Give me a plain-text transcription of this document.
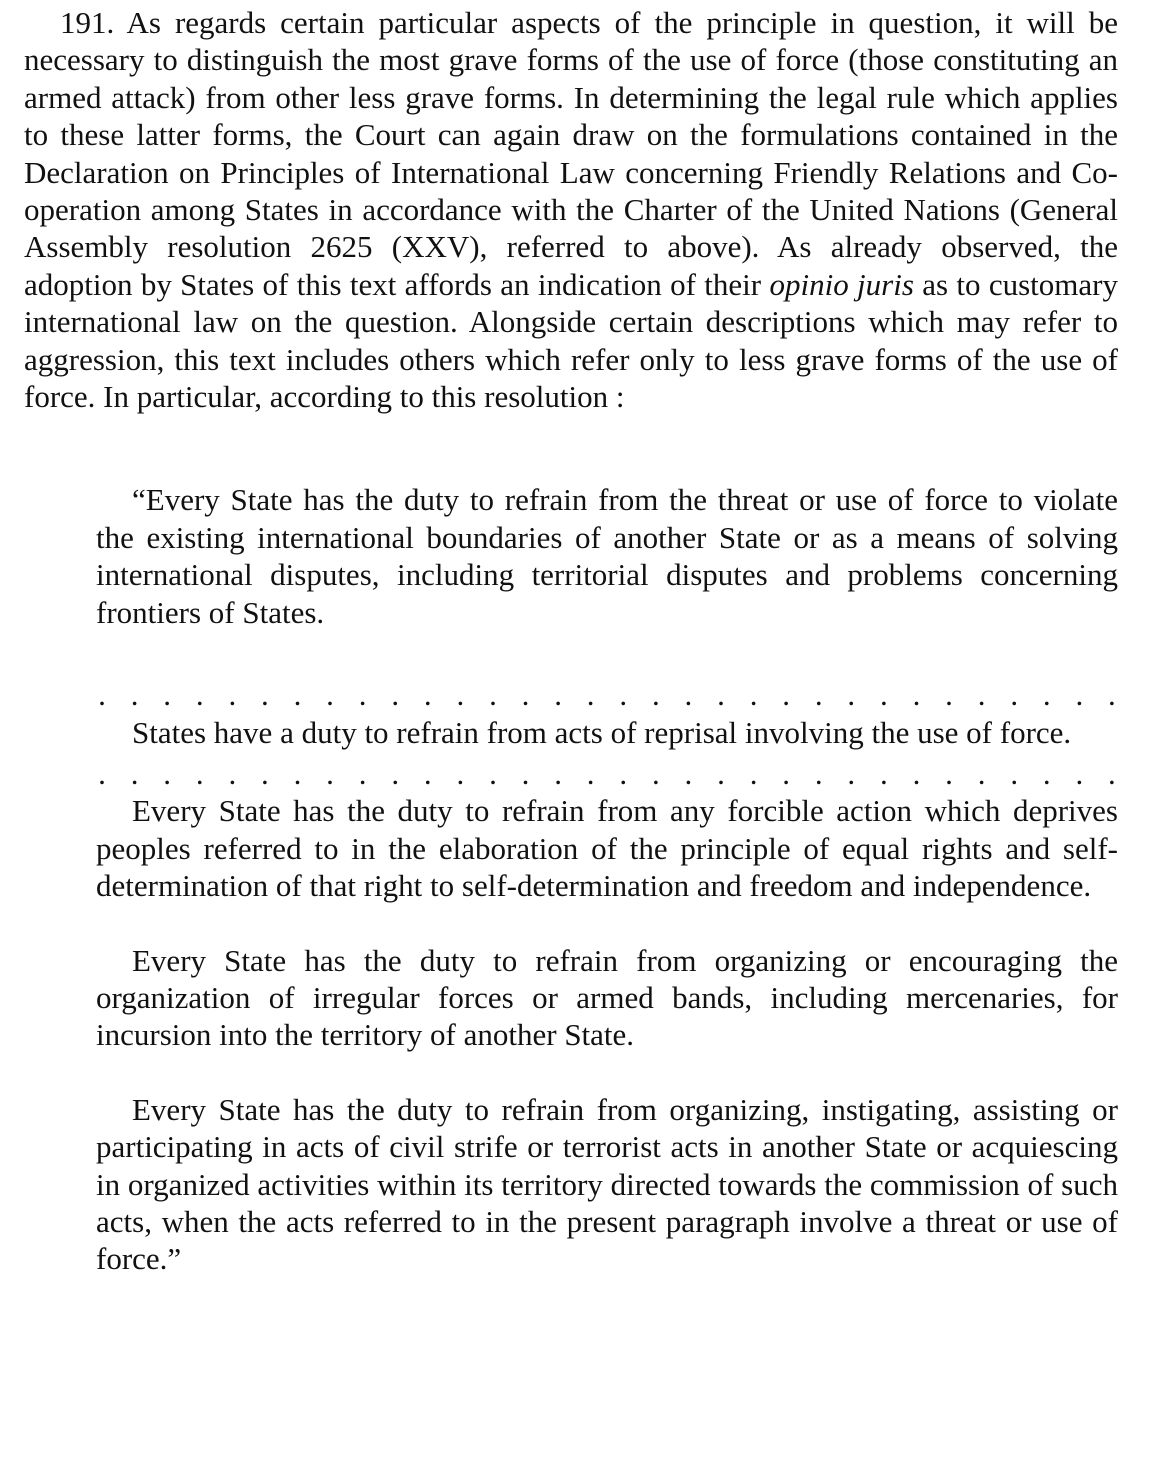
191. As regards certain particular aspects of the principle in question, it will be necessary to distinguish the most grave forms of the use of force (those constituting an armed attack) from other less grave forms. In determining the legal rule which applies to these latter forms, the Court can again draw on the formulations contained in the Declaration on Principles of International Law concerning Friendly Relations and Co-operation among States in accordance with the Charter of the United Nations (General Assembly resolution 2625 (XXV), referred to above). As already observed, the adoption by States of this text affords an indication of their opinio juris as to customary international law on the question. Alongside certain descriptions which may refer to aggression, this text includes others which refer only to less grave forms of the use of force. In particular, according to this resolution :

“Every State has the duty to refrain from the threat or use of force to violate the existing international boundaries of another State or as a means of solving international disputes, including territorial disputes and problems concerning frontiers of States.

. . . . . . . . . . . . . . . . . . . . . . . . . . . . . . . .

States have a duty to refrain from acts of reprisal involving the use of force.

. . . . . . . . . . . . . . . . . . . . . . . . . . . . . . . .

Every State has the duty to refrain from any forcible action which deprives peoples referred to in the elaboration of the principle of equal rights and self-determination of that right to self-determination and freedom and independence.

Every State has the duty to refrain from organizing or encouraging the organization of irregular forces or armed bands, including mercenaries, for incursion into the territory of another State.

Every State has the duty to refrain from organizing, instigating, assisting or participating in acts of civil strife or terrorist acts in another State or acquiescing in organized activities within its territory directed towards the commission of such acts, when the acts referred to in the present paragraph involve a threat or use of force.”
